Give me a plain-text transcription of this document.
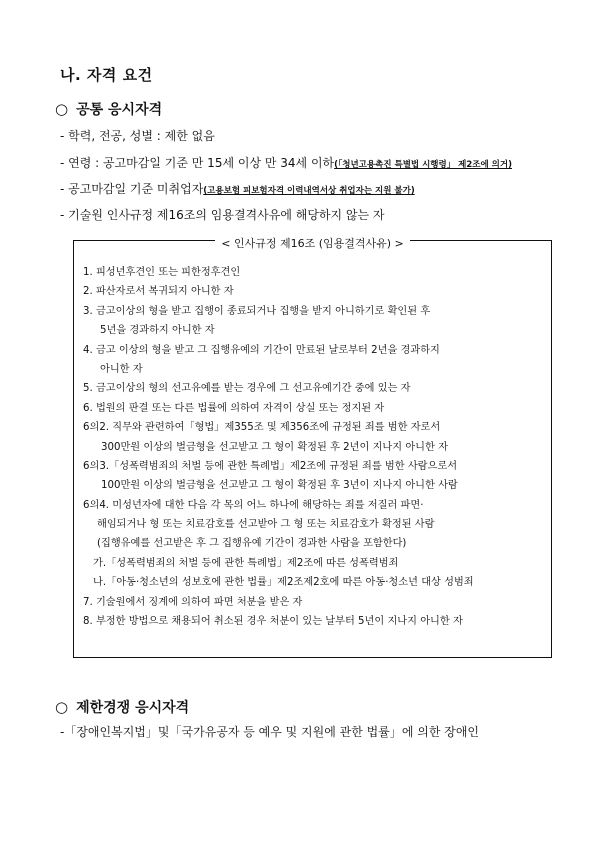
나. 자격 요건
○ 공통 응시자격
- 학력, 전공, 성별 : 제한 없음
- 연령 : 공고마감일 기준 만 15세 이상 만 34세 이하(「청년고용촉진 특별법 시행령」 제2조에 의거)
- 공고마감일 기준 미취업자(고용보험 피보험자격 이력내역서상 취업자는 지원 불가)
- 기술원 인사규정 제16조의 임용결격사유에 해당하지 않는 자
< 인사규정 제16조 (임용결격사유) >
1. 피성년후견인 또는 피한정후견인
2. 파산자로서 복귀되지 아니한 자
3. 금고이상의 형을 받고 집행이 종료되거나 집행을 받지 아니하기로 확인된 후
5년을 경과하지 아니한 자
4. 금고 이상의 형을 받고 그 집행유예의 기간이 만료된 날로부터 2년을 경과하지
아니한 자
5. 금고이상의 형의 선고유예를 받는 경우에 그 선고유예기간 중에 있는 자
6. 법원의 판결 또는 다른 법률에 의하여 자격이 상실 또는 정지된 자
6의2. 직무와 관련하여「형법」제355조 및 제356조에 규정된 죄를 범한 자로서
300만원 이상의 벌금형을 선고받고 그 형이 확정된 후 2년이 지나지 아니한 자
6의3.「성폭력범죄의 처벌 등에 관한 특례법」제2조에 규정된 죄를 범한 사람으로서
100만원 이상의 벌금형을 선고받고 그 형이 확정된 후 3년이 지나지 아니한 사람
6의4. 미성년자에 대한 다음 각 목의 어느 하나에 해당하는 죄를 저질러 파면·
해임되거나 형 또는 치료감호를 선고받아 그 형 또는 치료감호가 확정된 사람
(집행유예를 선고받은 후 그 집행유예 기간이 경과한 사람을 포함한다)
가.「성폭력범죄의 처벌 등에 관한 특례법」제2조에 따른 성폭력범죄
나.「아동·청소년의 성보호에 관한 법률」제2조제2호에 따른 아동·청소년 대상 성범죄
7. 기술원에서 징계에 의하여 파면 처분을 받은 자
8. 부정한 방법으로 채용되어 취소된 경우 처분이 있는 날부터 5년이 지나지 아니한 자
○ 제한경쟁 응시자격
-「장애인복지법」및「국가유공자 등 예우 및 지원에 관한 법률」에 의한 장애인
